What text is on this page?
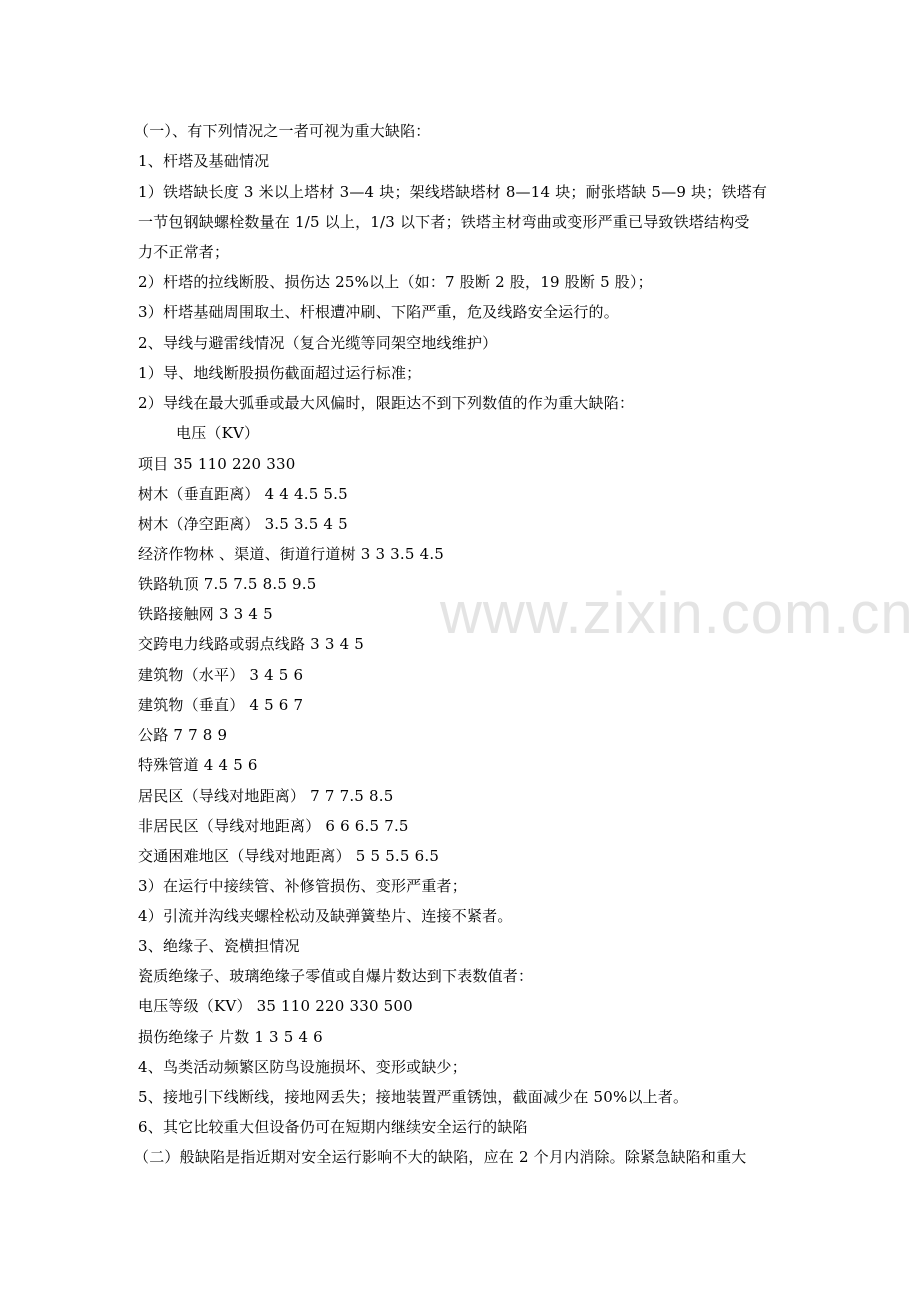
www.zixin.com.cn
（一）、有下列情况之一者可视为重大缺陷：
1、杆塔及基础情况
1）铁塔缺长度 3 米以上塔材 3—4 块；架线塔缺塔材 8—14 块；耐张塔缺 5—9 块；铁塔有
一节包钢缺螺栓数量在 1/5 以上，1/3 以下者；铁塔主材弯曲或变形严重已导致铁塔结构受
力不正常者；
2）杆塔的拉线断股、损伤达 25%以上（如：7 股断 2 股，19 股断 5 股）；
3）杆塔基础周围取土、杆根遭冲刷、下陷严重，危及线路安全运行的。
2、导线与避雷线情况（复合光缆等同架空地线维护）
1）导、地线断股损伤截面超过运行标准；
2）导线在最大弧垂或最大风偏时，限距达不到下列数值的作为重大缺陷：
电压（KV）
项目 35 110 220 330
树木（垂直距离） 4 4 4.5 5.5
树木（净空距离） 3.5 3.5 4 5
经济作物林 、渠道、街道行道树 3 3 3.5 4.5
铁路轨顶 7.5 7.5 8.5 9.5
铁路接触网 3 3 4 5
交跨电力线路或弱点线路 3 3 4 5
建筑物（水平） 3 4 5 6
建筑物（垂直） 4 5 6 7
公路 7 7 8 9
特殊管道 4 4 5 6
居民区（导线对地距离） 7 7 7.5 8.5
非居民区（导线对地距离） 6 6 6.5 7.5
交通困难地区（导线对地距离） 5 5 5.5 6.5
3）在运行中接续管、补修管损伤、变形严重者；
4）引流并沟线夹螺栓松动及缺弹簧垫片、连接不紧者。
3、绝缘子、瓷横担情况
瓷质绝缘子、玻璃绝缘子零值或自爆片数达到下表数值者：
电压等级（KV） 35 110 220 330 500
损伤绝缘子 片数 1 3 5 4 6
4、鸟类活动频繁区防鸟设施损坏、变形或缺少；
5、接地引下线断线，接地网丢失；接地装置严重锈蚀，截面减少在 50%以上者。
6、其它比较重大但设备仍可在短期内继续安全运行的缺陷
（二）般缺陷是指近期对安全运行影响不大的缺陷，应在 2 个月内消除。除紧急缺陷和重大
